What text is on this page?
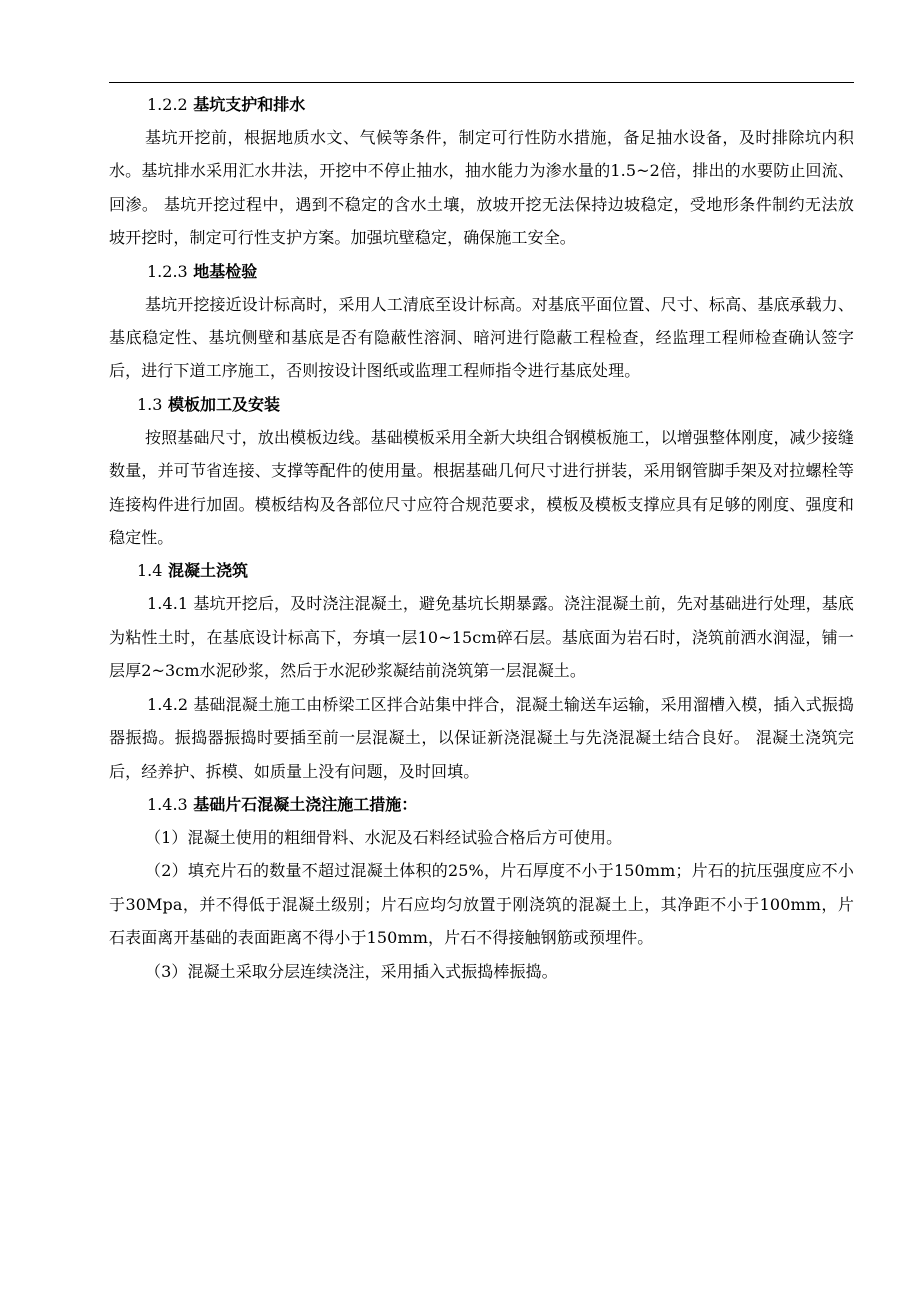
1.2.2 基坑支护和排水

基坑开挖前，根据地质水文、气候等条件，制定可行性防水措施，备足抽水设备，及时排除坑内积水。基坑排水采用汇水井法，开挖中不停止抽水，抽水能力为渗水量的1.5~2倍，排出的水要防止回流、回渗。 基坑开挖过程中，遇到不稳定的含水土壤，放坡开挖无法保持边坡稳定，受地形条件制约无法放坡开挖时，制定可行性支护方案。加强坑壁稳定，确保施工安全。

1.2.3 地基检验

基坑开挖接近设计标高时，采用人工清底至设计标高。对基底平面位置、尺寸、标高、基底承载力、基底稳定性、基坑侧壁和基底是否有隐蔽性溶洞、暗河进行隐蔽工程检查，经监理工程师检查确认签字后，进行下道工序施工，否则按设计图纸或监理工程师指令进行基底处理。

1.3 模板加工及安装

按照基础尺寸，放出模板边线。基础模板采用全新大块组合钢模板施工，以增强整体刚度，减少接缝数量，并可节省连接、支撑等配件的使用量。根据基础几何尺寸进行拼装，采用钢管脚手架及对拉螺栓等连接构件进行加固。模板结构及各部位尺寸应符合规范要求，模板及模板支撑应具有足够的刚度、强度和稳定性。

1.4 混凝土浇筑

1.4.1 基坑开挖后，及时浇注混凝土，避免基坑长期暴露。浇注混凝土前，先对基础进行处理，基底为粘性土时，在基底设计标高下，夯填一层10~15cm碎石层。基底面为岩石时，浇筑前洒水润湿，铺一层厚2~3cm水泥砂浆，然后于水泥砂浆凝结前浇筑第一层混凝土。

1.4.2 基础混凝土施工由桥梁工区拌合站集中拌合，混凝土输送车运输，采用溜槽入模，插入式振捣器振捣。振捣器振捣时要插至前一层混凝土，以保证新浇混凝土与先浇混凝土结合良好。 混凝土浇筑完后，经养护、拆模、如质量上没有问题，及时回填。

1.4.3 基础片石混凝土浇注施工措施：

（1）混凝土使用的粗细骨料、水泥及石料经试验合格后方可使用。

（2）填充片石的数量不超过混凝土体积的25%，片石厚度不小于150mm；片石的抗压强度应不小于30Mpa，并不得低于混凝土级别；片石应均匀放置于刚浇筑的混凝土上，其净距不小于100mm，片石表面离开基础的表面距离不得小于150mm，片石不得接触钢筋或预埋件。

（3）混凝土采取分层连续浇注，采用插入式振捣棒振捣。
